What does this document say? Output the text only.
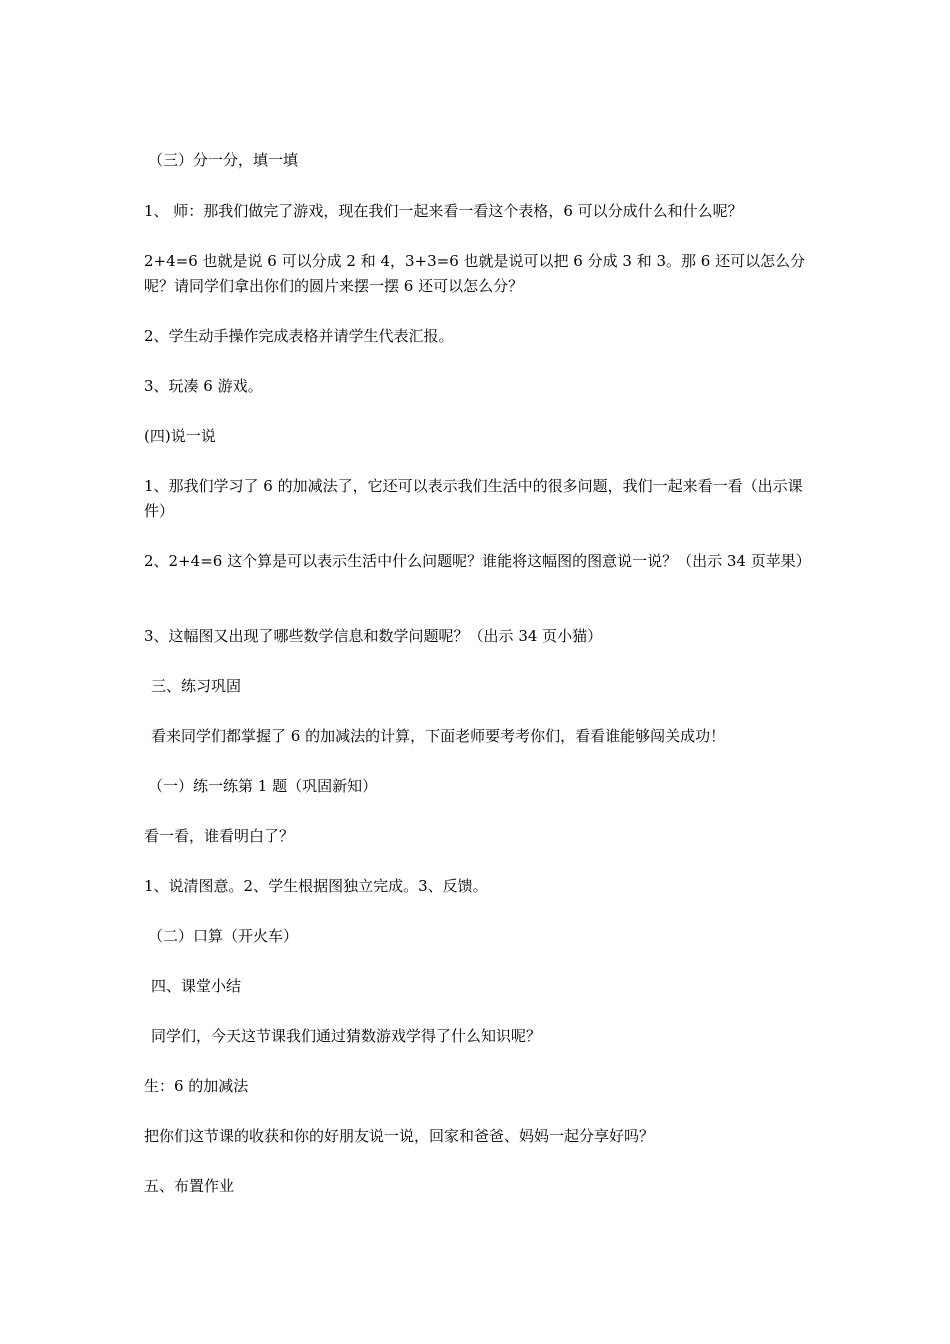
（三）分一分，填一填

1、 师：那我们做完了游戏，现在我们一起来看一看这个表格，6 可以分成什么和什么呢？

2+4=6 也就是说 6 可以分成 2 和 4，3+3=6 也就是说可以把 6 分成 3 和 3。那 6 还可以怎么分呢？请同学们拿出你们的圆片来摆一摆 6 还可以怎么分？

2、学生动手操作完成表格并请学生代表汇报。

3、玩凑 6 游戏。

(四)说一说

1、那我们学习了 6 的加减法了，它还可以表示我们生活中的很多问题，我们一起来看一看（出示课件）

2、2+4=6 这个算是可以表示生活中什么问题呢？谁能将这幅图的图意说一说？（出示 34 页苹果）

3、这幅图又出现了哪些数学信息和数学问题呢？（出示 34 页小猫）

三、练习巩固

看来同学们都掌握了 6 的加减法的计算，下面老师要考考你们，看看谁能够闯关成功！

（一）练一练第 1 题（巩固新知）

看一看，谁看明白了？

1、说清图意。2、学生根据图独立完成。3、反馈。

（二）口算（开火车）

四、课堂小结

同学们，今天这节课我们通过猜数游戏学得了什么知识呢？

生：6 的加减法

把你们这节课的收获和你的好朋友说一说，回家和爸爸、妈妈一起分享好吗？

五、布置作业
